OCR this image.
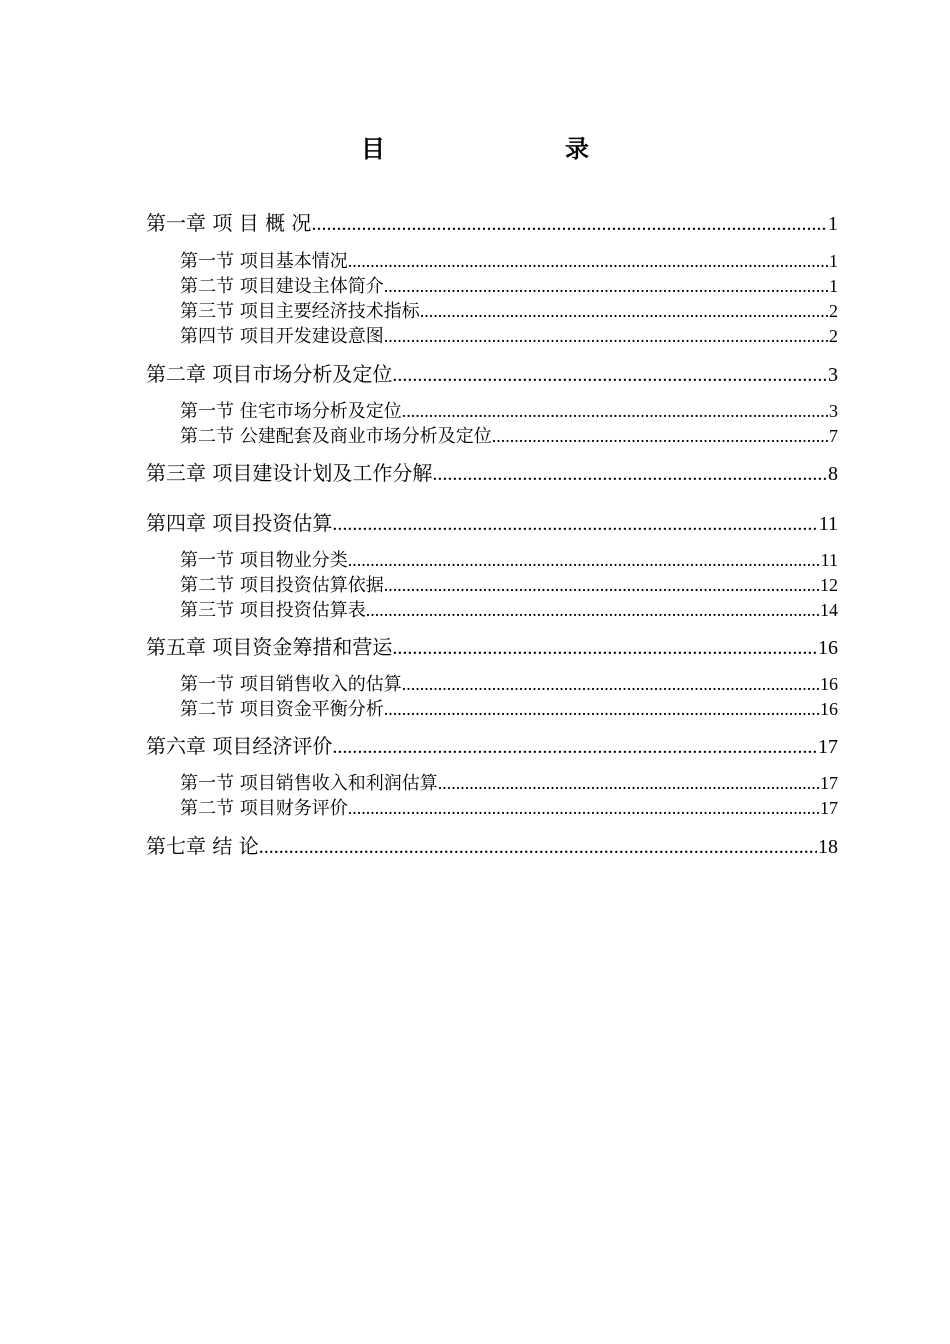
目　　录
第一章 项 目 概 况 .....	1
第一节 项目基本情况 .....	1
第二节 项目建设主体简介 .....	1
第三节 项目主要经济技术指标 .....	2
第四节 项目开发建设意图 .....	2
第二章 项目市场分析及定位 .....	3
第一节 住宅市场分析及定位 .....	3
第二节 公建配套及商业市场分析及定位 .....	7
第三章 项目建设计划及工作分解 .....	8
第四章 项目投资估算 .....	11
第一节 项目物业分类 .....	11
第二节 项目投资估算依据 .....	12
第三节 项目投资估算表 .....	14
第五章 项目资金筹措和营运 .....	16
第一节 项目销售收入的估算 .....	16
第二节 项目资金平衡分析 .....	16
第六章 项目经济评价 .....	17
第一节 项目销售收入和利润估算 .....	17
第二节 项目财务评价 .....	17
第七章 结 论 .....	18
